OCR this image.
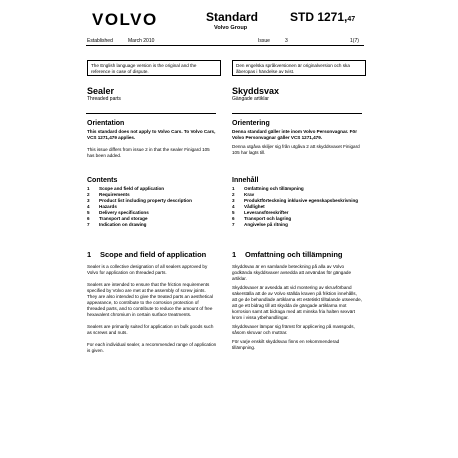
VOLVO	Standard
Volvo Group
STD 1271,47
Established	March 2010	Issue	3	1(7)
The English language version is the original and the reference in case of dispute.
Den engelska språkversionen är originalversion och ska åberopas i händelse av tvist.
Sealer
Threaded parts
Orientation
This standard does not apply to Volvo Cars. To Volvo Cars, VCS 1271,479 applies.
This issue differs from issue 2 in that the sealer Finigard 105 has been added.
Contents
1	Scope and field of application
2	Requirements
3	Product list including property description
4	Hazards
5	Delivery specifications
6	Transport and storage
7	Indication on drawing
1 Scope and field of application
Sealer is a collective designation of all sealers approved by Volvo for application on threaded parts.
Sealers are intended to ensure that the friction requirements specified by Volvo are met at the assembly of screw joints. They are also intended to give the treated parts an aesthetical appearance, to contribute to the corrosion protection of threaded parts, and to contribute to reduce the amount of free hexavalent chromium in certain surface treatments.
Sealers are primarily suited for application on bulk goods such as screws and nuts.
For each individual sealer, a recommended range of application is given.
Skyddsvax
Gängade artiklar
Orientering
Denna standard gäller inte inom Volvo Personvagnar. För Volvo Personvagnar gäller VCS 1271,479.
Denna utgåva skiljer sig från utgåva 2 att skyddsvaxet Finigard 105 har lagts till.
Innehåll
1	Omfattning och tillämpning
2	Krav
3	Produktförteckning inklusive egenskapsbeskrivning
4	Vådlighet
5	Leveransföreskrifter
6	Transport och lagring
7	Angivelse på ritning
1 Omfattning och tillämpning
Skyddsvax är en samlande beteckning på alla av Volvo godkända skyddsvaxer avsedda att användas för gängade artiklar.
Skyddsvaxer är avsedda att vid montering av skruvförband säkerställa att de av Volvo ställda kraven på friktion innehålls, att ge de behandlade artiklarna ett estetiskt tilltalande utseende, att ge ett bidrag till att skydda de gängade artiklarna mot korrosion samt att bidraga med att minska fria halten sexvärt krom i vissa ytbehandlingar.
Skyddsvaxer lämpar sig främst för applicering på massgods, såsom skruvar och muttrar.
För varje enskilt skyddsvax finns en rekommenderad tillämpning.
